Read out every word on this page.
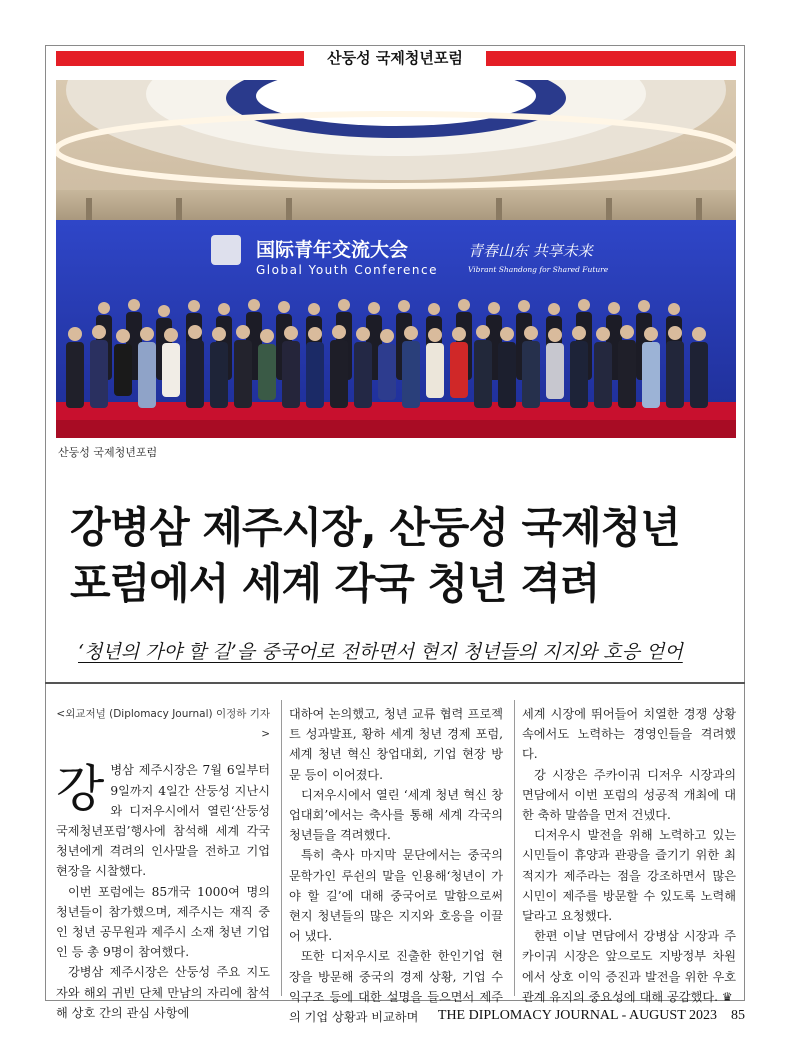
산둥성 국제청년포럼
国际青年交流大会
Global Youth Conference
青春山东 共享未来
Vibrant Shandong for Shared Future
산둥성 국제청년포럼
강병삼 제주시장, 산둥성 국제청년
포럼에서 세계 각국 청년 격려
‘청년의 가야 할 길’을 중국어로 전하면서 현지 청년들의 지지와 호응 얻어
<외교저널 (Diplomacy Journal) 이정하 기자>
강 병삼 제주시장은 7월 6일부터 9일까지 4일간 산둥성 지난시와 디저우시에서 열린‘산둥성 국제청년포럼’행사에 참석해 세계 각국 청년에게 격려의 인사말을 전하고 기업 현장을 시찰했다.

이번 포럼에는 85개국 1000여 명의 청년들이 참가했으며, 제주시는 재직 중인 청년 공무원과 제주시 소재 청년 기업인 등 총 9명이 참여했다.

강병삼 제주시장은 산둥성 주요 지도자와 해외 귀빈 단체 만남의 자리에 참석해 상호 간의 관심 사항에

대하여 논의했고, 청년 교류 협력 프로젝트 성과발표, 황하 세계 청년 경제 포럼, 세계 청년 혁신 창업대회, 기업 현장 방문 등이 이어졌다.

디저우시에서 열린 ‘세계 청년 혁신 창업대회’에서는 축사를 통해 세계 각국의 청년들을 격려했다.

특히 축사 마지막 문단에서는 중국의 문학가인 루쉰의 말을 인용해‘청년이 가야 할 길’에 대해 중국어로 말함으로써 현지 청년들의 많은 지지와 호응을 이끌어 냈다.

또한 디저우시로 진출한 한인기업 현장을 방문해 중국의 경제 상황, 기업 수익구조 등에 대한 설명을 들으면서 제주의 기업 상황과 비교하며

세계 시장에 뛰어들어 치열한 경쟁 상황 속에서도 노력하는 경영인들을 격려했다.

강 시장은 주카이궈 디저우 시장과의 면담에서 이번 포럼의 성공적 개최에 대한 축하 말씀을 먼저 건넸다.

디저우시 발전을 위해 노력하고 있는 시민들이 휴양과 관광을 즐기기 위한 최적지가 제주라는 점을 강조하면서 많은 시민이 제주를 방문할 수 있도록 노력해 달라고 요청했다.

한편 이날 면담에서 강병삼 시장과 주카이궈 시장은 앞으로도 지방정부 차원에서 상호 이익 증진과 발전을 위한 우호관계 유지의 중요성에 대해 공감했다. ♛

THE DIPLOMACY JOURNAL - AUGUST 2023    85
